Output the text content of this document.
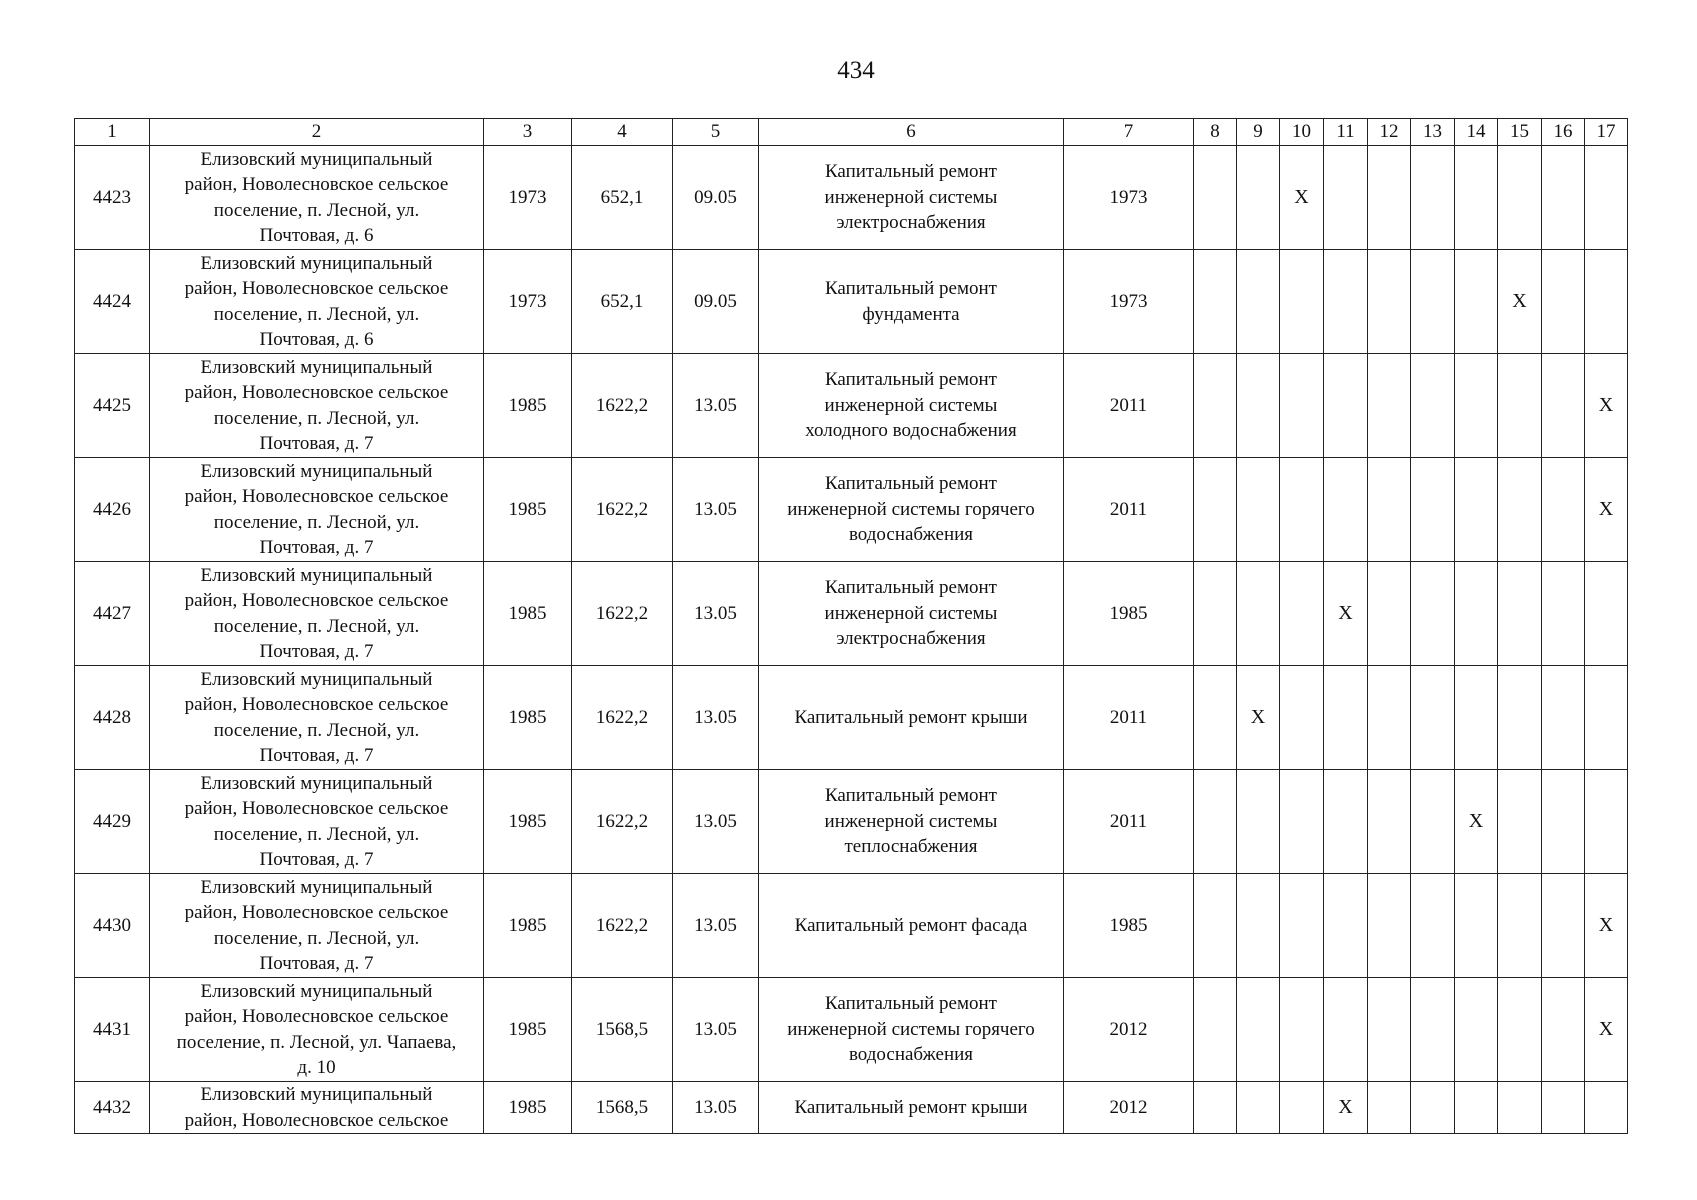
434
1	2	3	4	5	6	7	8	9	10	11	12	13	14	15	16	17
4423	Елизовский муниципальный
район, Новолесновское сельское
поселение, п. Лесной, ул.
Почтовая, д. 6	1973	652,1	09.05	Капитальный ремонт
инженерной системы
электроснабжения	1973			X							
4424	Елизовский муниципальный
район, Новолесновское сельское
поселение, п. Лесной, ул.
Почтовая, д. 6	1973	652,1	09.05	Капитальный ремонт
фундамента	1973								X		
4425	Елизовский муниципальный
район, Новолесновское сельское
поселение, п. Лесной, ул.
Почтовая, д. 7	1985	1622,2	13.05	Капитальный ремонт
инженерной системы
холодного водоснабжения	2011										X
4426	Елизовский муниципальный
район, Новолесновское сельское
поселение, п. Лесной, ул.
Почтовая, д. 7	1985	1622,2	13.05	Капитальный ремонт
инженерной системы горячего
водоснабжения	2011										X
4427	Елизовский муниципальный
район, Новолесновское сельское
поселение, п. Лесной, ул.
Почтовая, д. 7	1985	1622,2	13.05	Капитальный ремонт
инженерной системы
электроснабжения	1985				X						
4428	Елизовский муниципальный
район, Новолесновское сельское
поселение, п. Лесной, ул.
Почтовая, д. 7	1985	1622,2	13.05	Капитальный ремонт крыши	2011		X								
4429	Елизовский муниципальный
район, Новолесновское сельское
поселение, п. Лесной, ул.
Почтовая, д. 7	1985	1622,2	13.05	Капитальный ремонт
инженерной системы
теплоснабжения	2011							X			
4430	Елизовский муниципальный
район, Новолесновское сельское
поселение, п. Лесной, ул.
Почтовая, д. 7	1985	1622,2	13.05	Капитальный ремонт фасада	1985										X
4431	Елизовский муниципальный
район, Новолесновское сельское
поселение, п. Лесной, ул. Чапаева,
д. 10	1985	1568,5	13.05	Капитальный ремонт
инженерной системы горячего
водоснабжения	2012										X
4432	Елизовский муниципальный
район, Новолесновское сельское	1985	1568,5	13.05	Капитальный ремонт крыши	2012				X						
